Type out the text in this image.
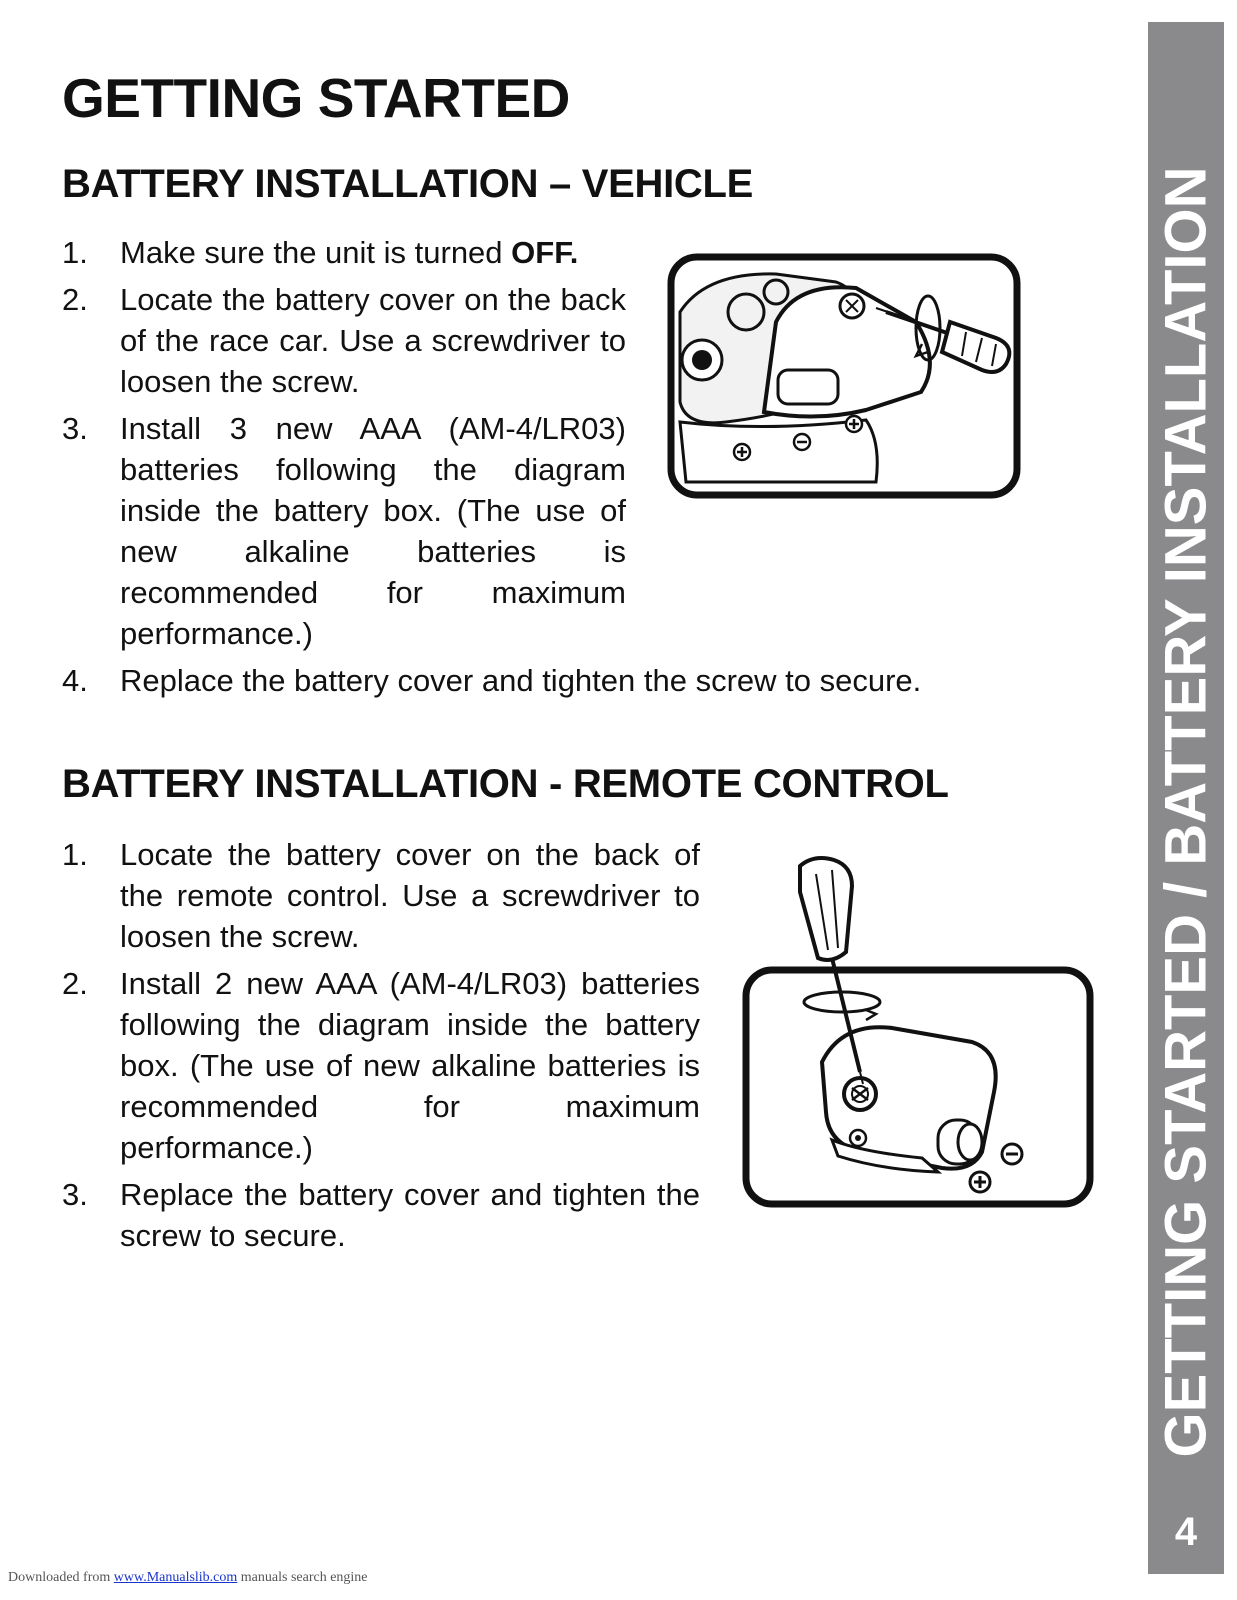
GETTING STARTED / BATTERY INSTALLATION
4
GETTING STARTED
BATTERY INSTALLATION – VEHICLE
1. Make sure the unit is turned OFF.
2. Locate the battery cover on the back of the race car. Use a screwdriver to loosen the screw.
3. Install 3 new AAA (AM-4/LR03) batteries following the diagram inside the battery box. (The use of new alkaline batteries is recommended for maximum performance.)
4. Replace the battery cover and tighten the screw to secure.
BATTERY INSTALLATION - REMOTE CONTROL
1. Locate the battery cover on the back of the remote control. Use a screwdriver to loosen the screw.
2. Install 2 new AAA (AM-4/LR03) batteries following the diagram inside the battery box. (The use of new alkaline batteries is recommended for maximum performance.)
3. Replace the battery cover and tighten the screw to secure.
Downloaded from www.Manualslib.com manuals search engine
